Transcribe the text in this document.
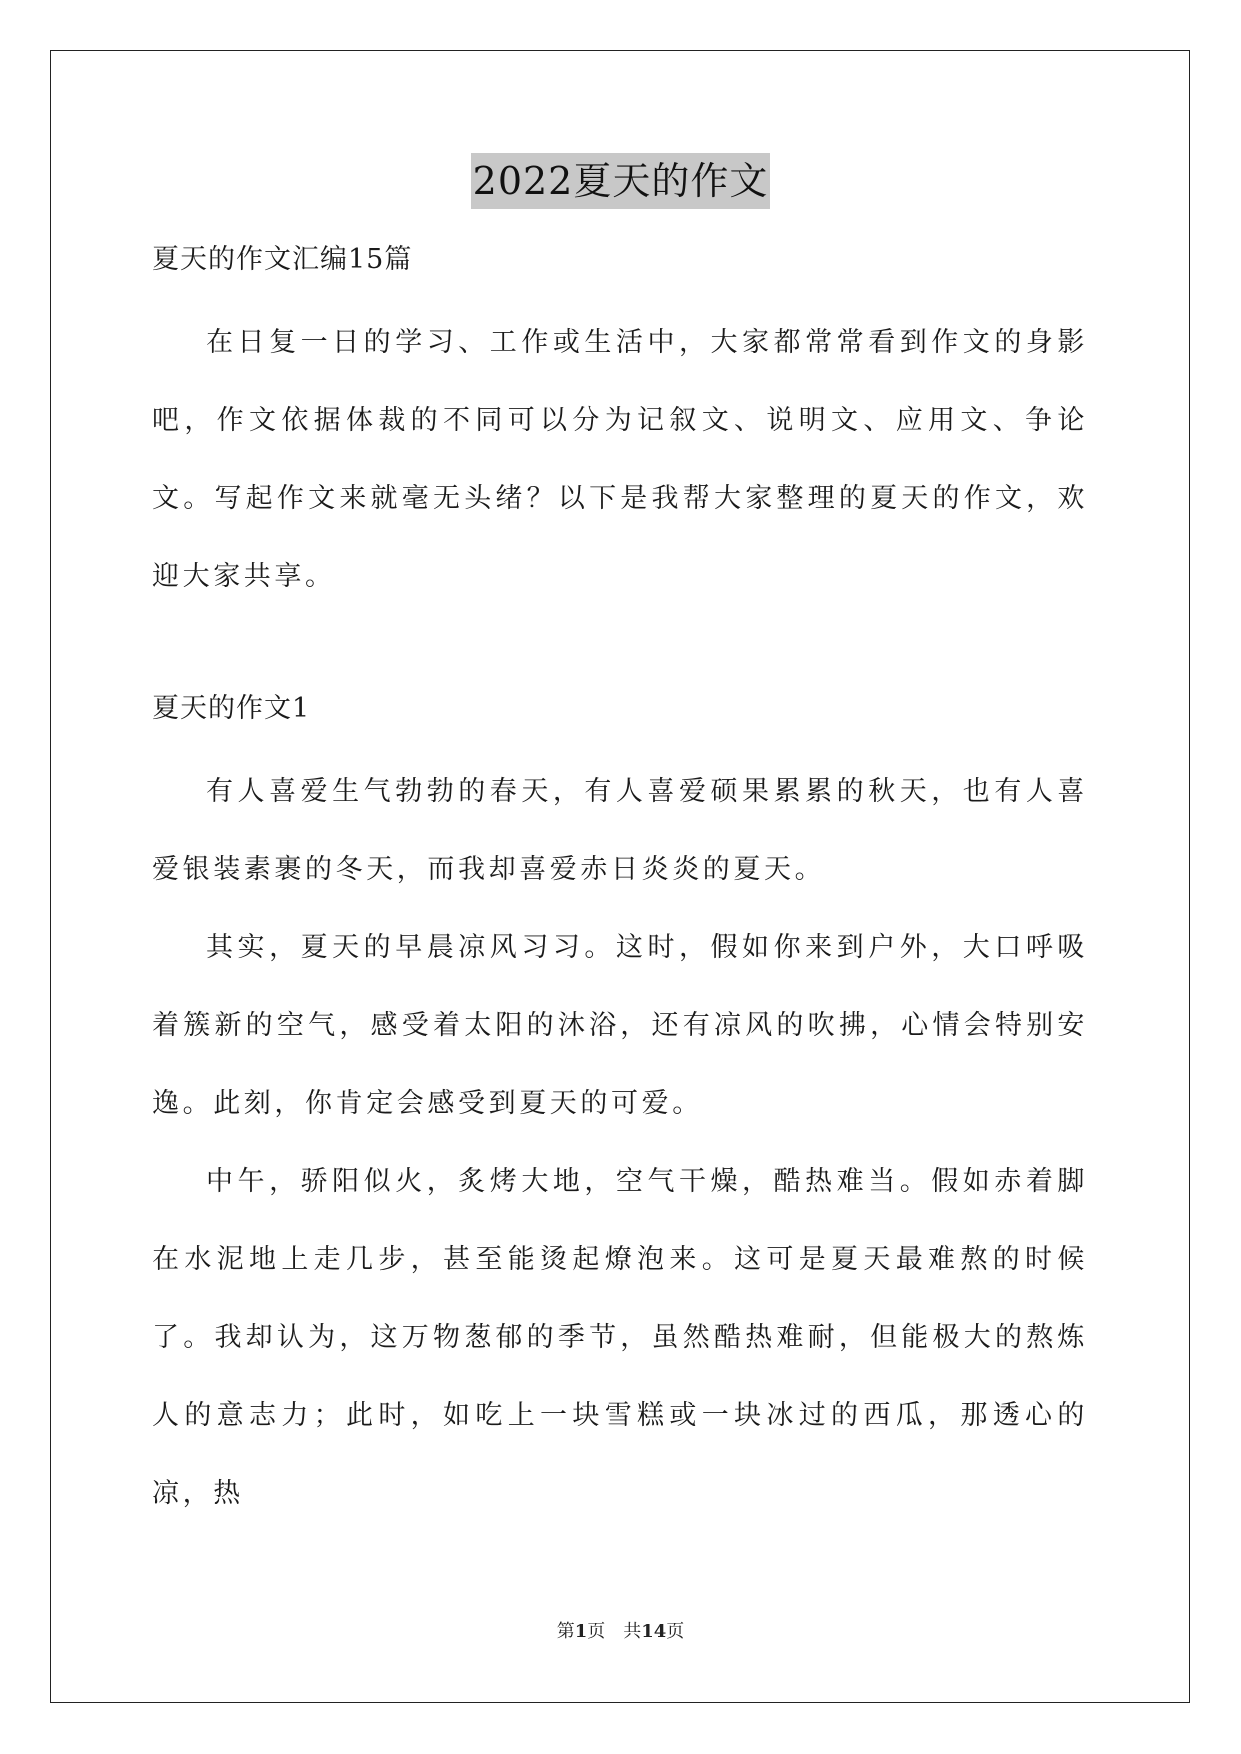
2022夏天的作文
夏天的作文汇编15篇

在日复一日的学习、工作或生活中，大家都常常看到作文的身影吧，作文依据体裁的不同可以分为记叙文、说明文、应用文、争论文。写起作文来就毫无头绪？以下是我帮大家整理的夏天的作文，欢迎大家共享。

夏天的作文1

有人喜爱生气勃勃的春天，有人喜爱硕果累累的秋天，也有人喜爱银装素裹的冬天，而我却喜爱赤日炎炎的夏天。

其实，夏天的早晨凉风习习。这时，假如你来到户外，大口呼吸着簇新的空气，感受着太阳的沐浴，还有凉风的吹拂，心情会特别安逸。此刻，你肯定会感受到夏天的可爱。

中午，骄阳似火，炙烤大地，空气干燥，酷热难当。假如赤着脚在水泥地上走几步，甚至能烫起燎泡来。这可是夏天最难熬的时候了。我却认为，这万物葱郁的季节，虽然酷热难耐，但能极大的熬炼人的意志力；此时，如吃上一块雪糕或一块冰过的西瓜，那透心的凉，热

第1页 共14页
